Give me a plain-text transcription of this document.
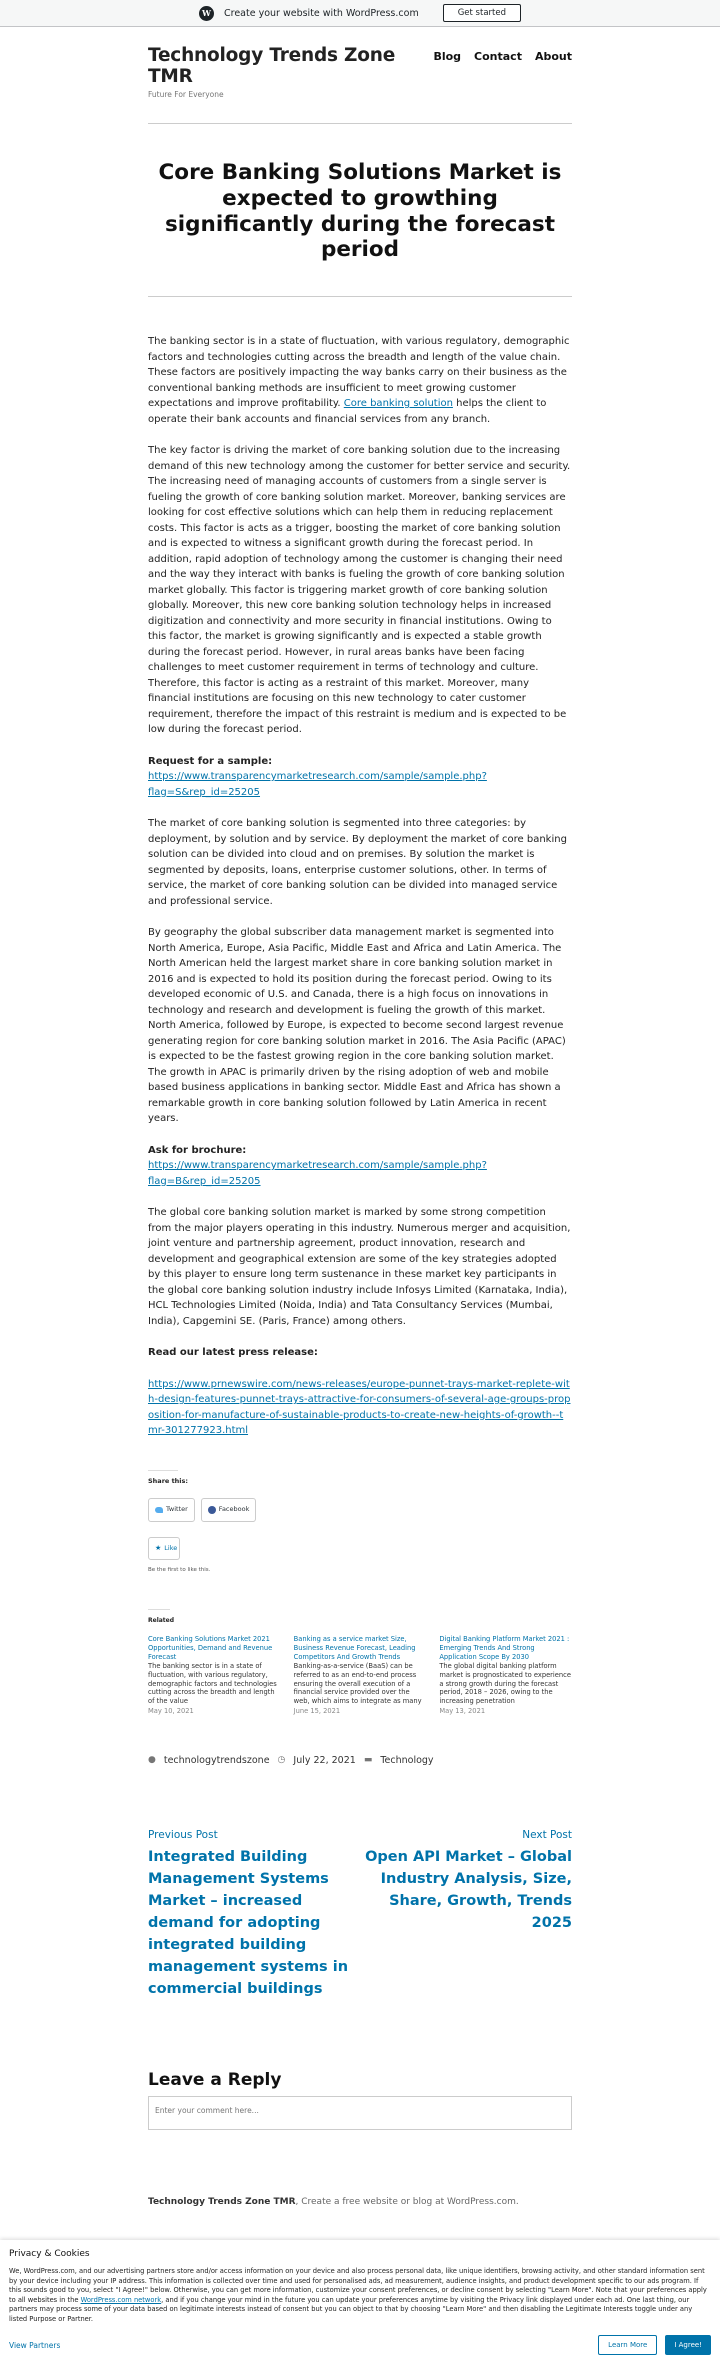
W	Create your website with WordPress.com	Get started
Technology Trends Zone TMR
Future For Everyone
Blog Contact About
Core Banking Solutions Market is expected to growthing significantly during the forecast period

The banking sector is in a state of fluctuation, with various regulatory, demographic factors and technologies cutting across the breadth and length of the value chain. These factors are positively impacting the way banks carry on their business as the conventional banking methods are insufficient to meet growing customer expectations and improve profitability. Core banking solution helps the client to operate their bank accounts and financial services from any branch.

The key factor is driving the market of core banking solution due to the increasing demand of this new technology among the customer for better service and security. The increasing need of managing accounts of customers from a single server is fueling the growth of core banking solution market. Moreover, banking services are looking for cost effective solutions which can help them in reducing replacement costs. This factor is acts as a trigger, boosting the market of core banking solution and is expected to witness a significant growth during the forecast period. In addition, rapid adoption of technology among the customer is changing their need and the way they interact with banks is fueling the growth of core banking solution market globally. This factor is triggering market growth of core banking solution globally. Moreover, this new core banking solution technology helps in increased digitization and connectivity and more security in financial institutions. Owing to this factor, the market is growing significantly and is expected a stable growth during the forecast period. However, in rural areas banks have been facing challenges to meet customer requirement in terms of technology and culture. Therefore, this factor is acting as a restraint of this market. Moreover, many financial institutions are focusing on this new technology to cater customer requirement, therefore the impact of this restraint is medium and is expected to be low during the forecast period.

Request for a sample:

https://www.transparencymarketresearch.com/sample/sample.php?flag=S&rep_id=25205

The market of core banking solution is segmented into three categories: by deployment, by solution and by service. By deployment the market of core banking solution can be divided into cloud and on premises. By solution the market is segmented by deposits, loans, enterprise customer solutions, other. In terms of service, the market of core banking solution can be divided into managed service and professional service.

By geography the global subscriber data management market is segmented into North America, Europe, Asia Pacific, Middle East and Africa and Latin America. The North American held the largest market share in core banking solution market in 2016 and is expected to hold its position during the forecast period. Owing to its developed economic of U.S. and Canada, there is a high focus on innovations in technology and research and development is fueling the growth of this market. North America, followed by Europe, is expected to become second largest revenue generating region for core banking solution market in 2016. The Asia Pacific (APAC) is expected to be the fastest growing region in the core banking solution market. The growth in APAC is primarily driven by the rising adoption of web and mobile based business applications in banking sector. Middle East and Africa has shown a remarkable growth in core banking solution followed by Latin America in recent years.

Ask for brochure: https://www.transparencymarketresearch.com/sample/sample.php?flag=B&rep_id=25205

The global core banking solution market is marked by some strong competition from the major players operating in this industry. Numerous merger and acquisition, joint venture and partnership agreement, product innovation, research and development and geographical extension are some of the key strategies adopted by this player to ensure long term sustenance in these market key participants in the global core banking solution industry include Infosys Limited (Karnataka, India), HCL Technologies Limited (Noida, India) and Tata Consultancy Services (Mumbai, India), Capgemini SE. (Paris, France) among others.

Read our latest press release:

https://www.prnewswire.com/news-releases/europe-punnet-trays-market-replete-with-design-features-punnet-trays-attractive-for-consumers-of-several-age-groups-proposition-for-manufacture-of-sustainable-products-to-create-new-heights-of-growth--tmr-301277923.html

Share this:
Twitter	Facebook
★ Like
Be the first to like this.
Related
Core Banking Solutions Market 2021 Opportunities, Demand and Revenue Forecast
The banking sector is in a state of fluctuation, with various regulatory, demographic factors and technologies cutting across the breadth and length of the value
May 10, 2021
Banking as a service market Size, Business Revenue Forecast, Leading Competitors And Growth Trends
Banking-as-a-service (BaaS) can be referred to as an end-to-end process ensuring the overall execution of a financial service provided over the web, which aims to integrate as many
June 15, 2021
Digital Banking Platform Market 2021 : Emerging Trends And Strong Application Scope By 2030
The global digital banking platform market is prognosticated to experience a strong growth during the forecast period, 2018 – 2026, owing to the increasing penetration
May 13, 2021
● technologytrendszone ◷ July 22, 2021 ▬ Technology
Previous Post
Integrated Building Management Systems Market – increased demand for adopting integrated building management systems in commercial buildings
Next Post
Open API Market – Global Industry Analysis, Size, Share, Growth, Trends 2025
Leave a Reply
Enter your comment here...
Technology Trends Zone TMR, Create a free website or blog at WordPress.com.
Privacy & Cookies
We, WordPress.com, and our advertising partners store and/or access information on your device and also process personal data, like unique identifiers, browsing activity, and other standard information sent by your device including your IP address. This information is collected over time and used for personalised ads, ad measurement, audience insights, and product development specific to our ads program. If this sounds good to you, select "I Agree!" below. Otherwise, you can get more information, customize your consent preferences, or decline consent by selecting "Learn More". Note that your preferences apply to all websites in the WordPress.com network, and if you change your mind in the future you can update your preferences anytime by visiting the Privacy link displayed under each ad. One last thing, our partners may process some of your data based on legitimate interests instead of consent but you can object to that by choosing "Learn More" and then disabling the Legitimate Interests toggle under any listed Purpose or Partner.
View Partners	Learn More	I Agree!
